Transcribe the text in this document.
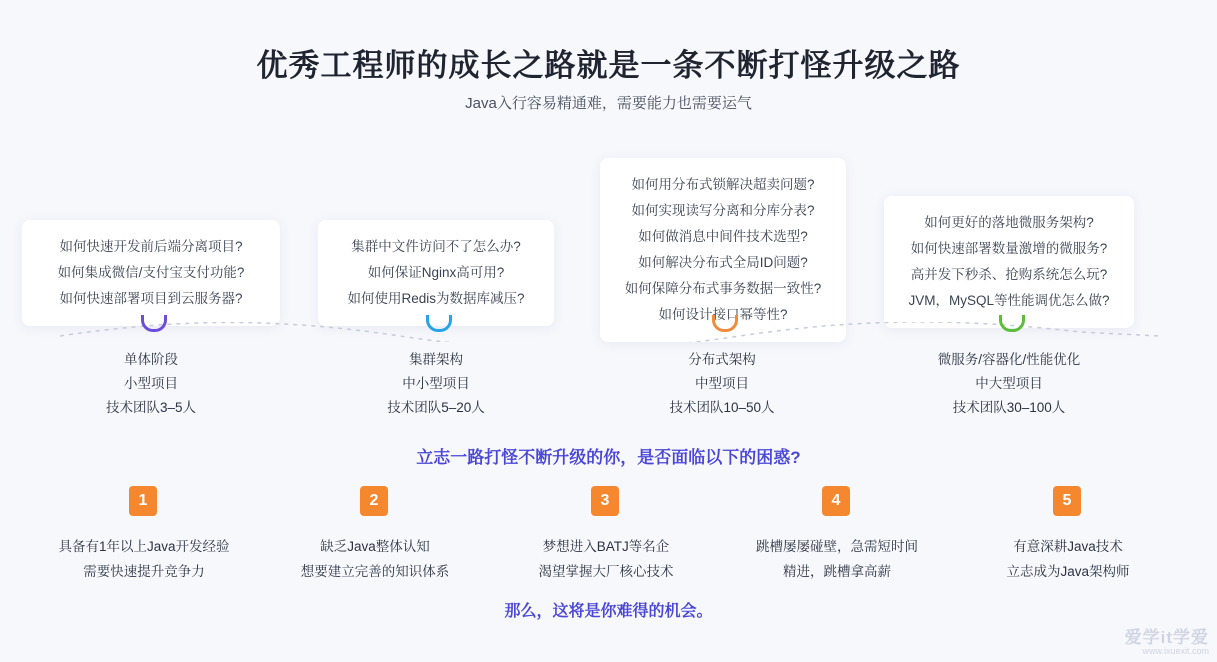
优秀工程师的成长之路就是一条不断打怪升级之路
Java入行容易精通难，需要能力也需要运气
如何快速开发前后端分离项目?
如何集成微信/支付宝支付功能?
如何快速部署项目到云服务器?
集群中文件访问不了怎么办?
如何保证Nginx高可用?
如何使用Redis为数据库减压?
如何用分布式锁解决超卖问题?
如何实现读写分离和分库分表?
如何做消息中间件技术选型?
如何解决分布式全局ID问题?
如何保障分布式事务数据一致性?
如何设计接口幂等性?
如何更好的落地微服务架构?
如何快速部署数量激增的微服务?
高并发下秒杀、抢购系统怎么玩?
JVM，MySQL等性能调优怎么做?
单体阶段
小型项目
技术团队3–5人
集群架构
中小型项目
技术团队5–20人
分布式架构
中型项目
技术团队10–50人
微服务/容器化/性能优化
中大型项目
技术团队30–100人
立志一路打怪不断升级的你，是否面临以下的困惑?
1
具备有1年以上Java开发经验
需要快速提升竞争力
2
缺乏Java整体认知
想要建立完善的知识体系
3
梦想进入BATJ等名企
渴望掌握大厂核心技术
4
跳槽屡屡碰壁，急需短时间
精进，跳槽拿高薪
5
有意深耕Java技术
立志成为Java架构师
那么，这将是你难得的机会。
爱学it学爱
www.ixuexit.com
